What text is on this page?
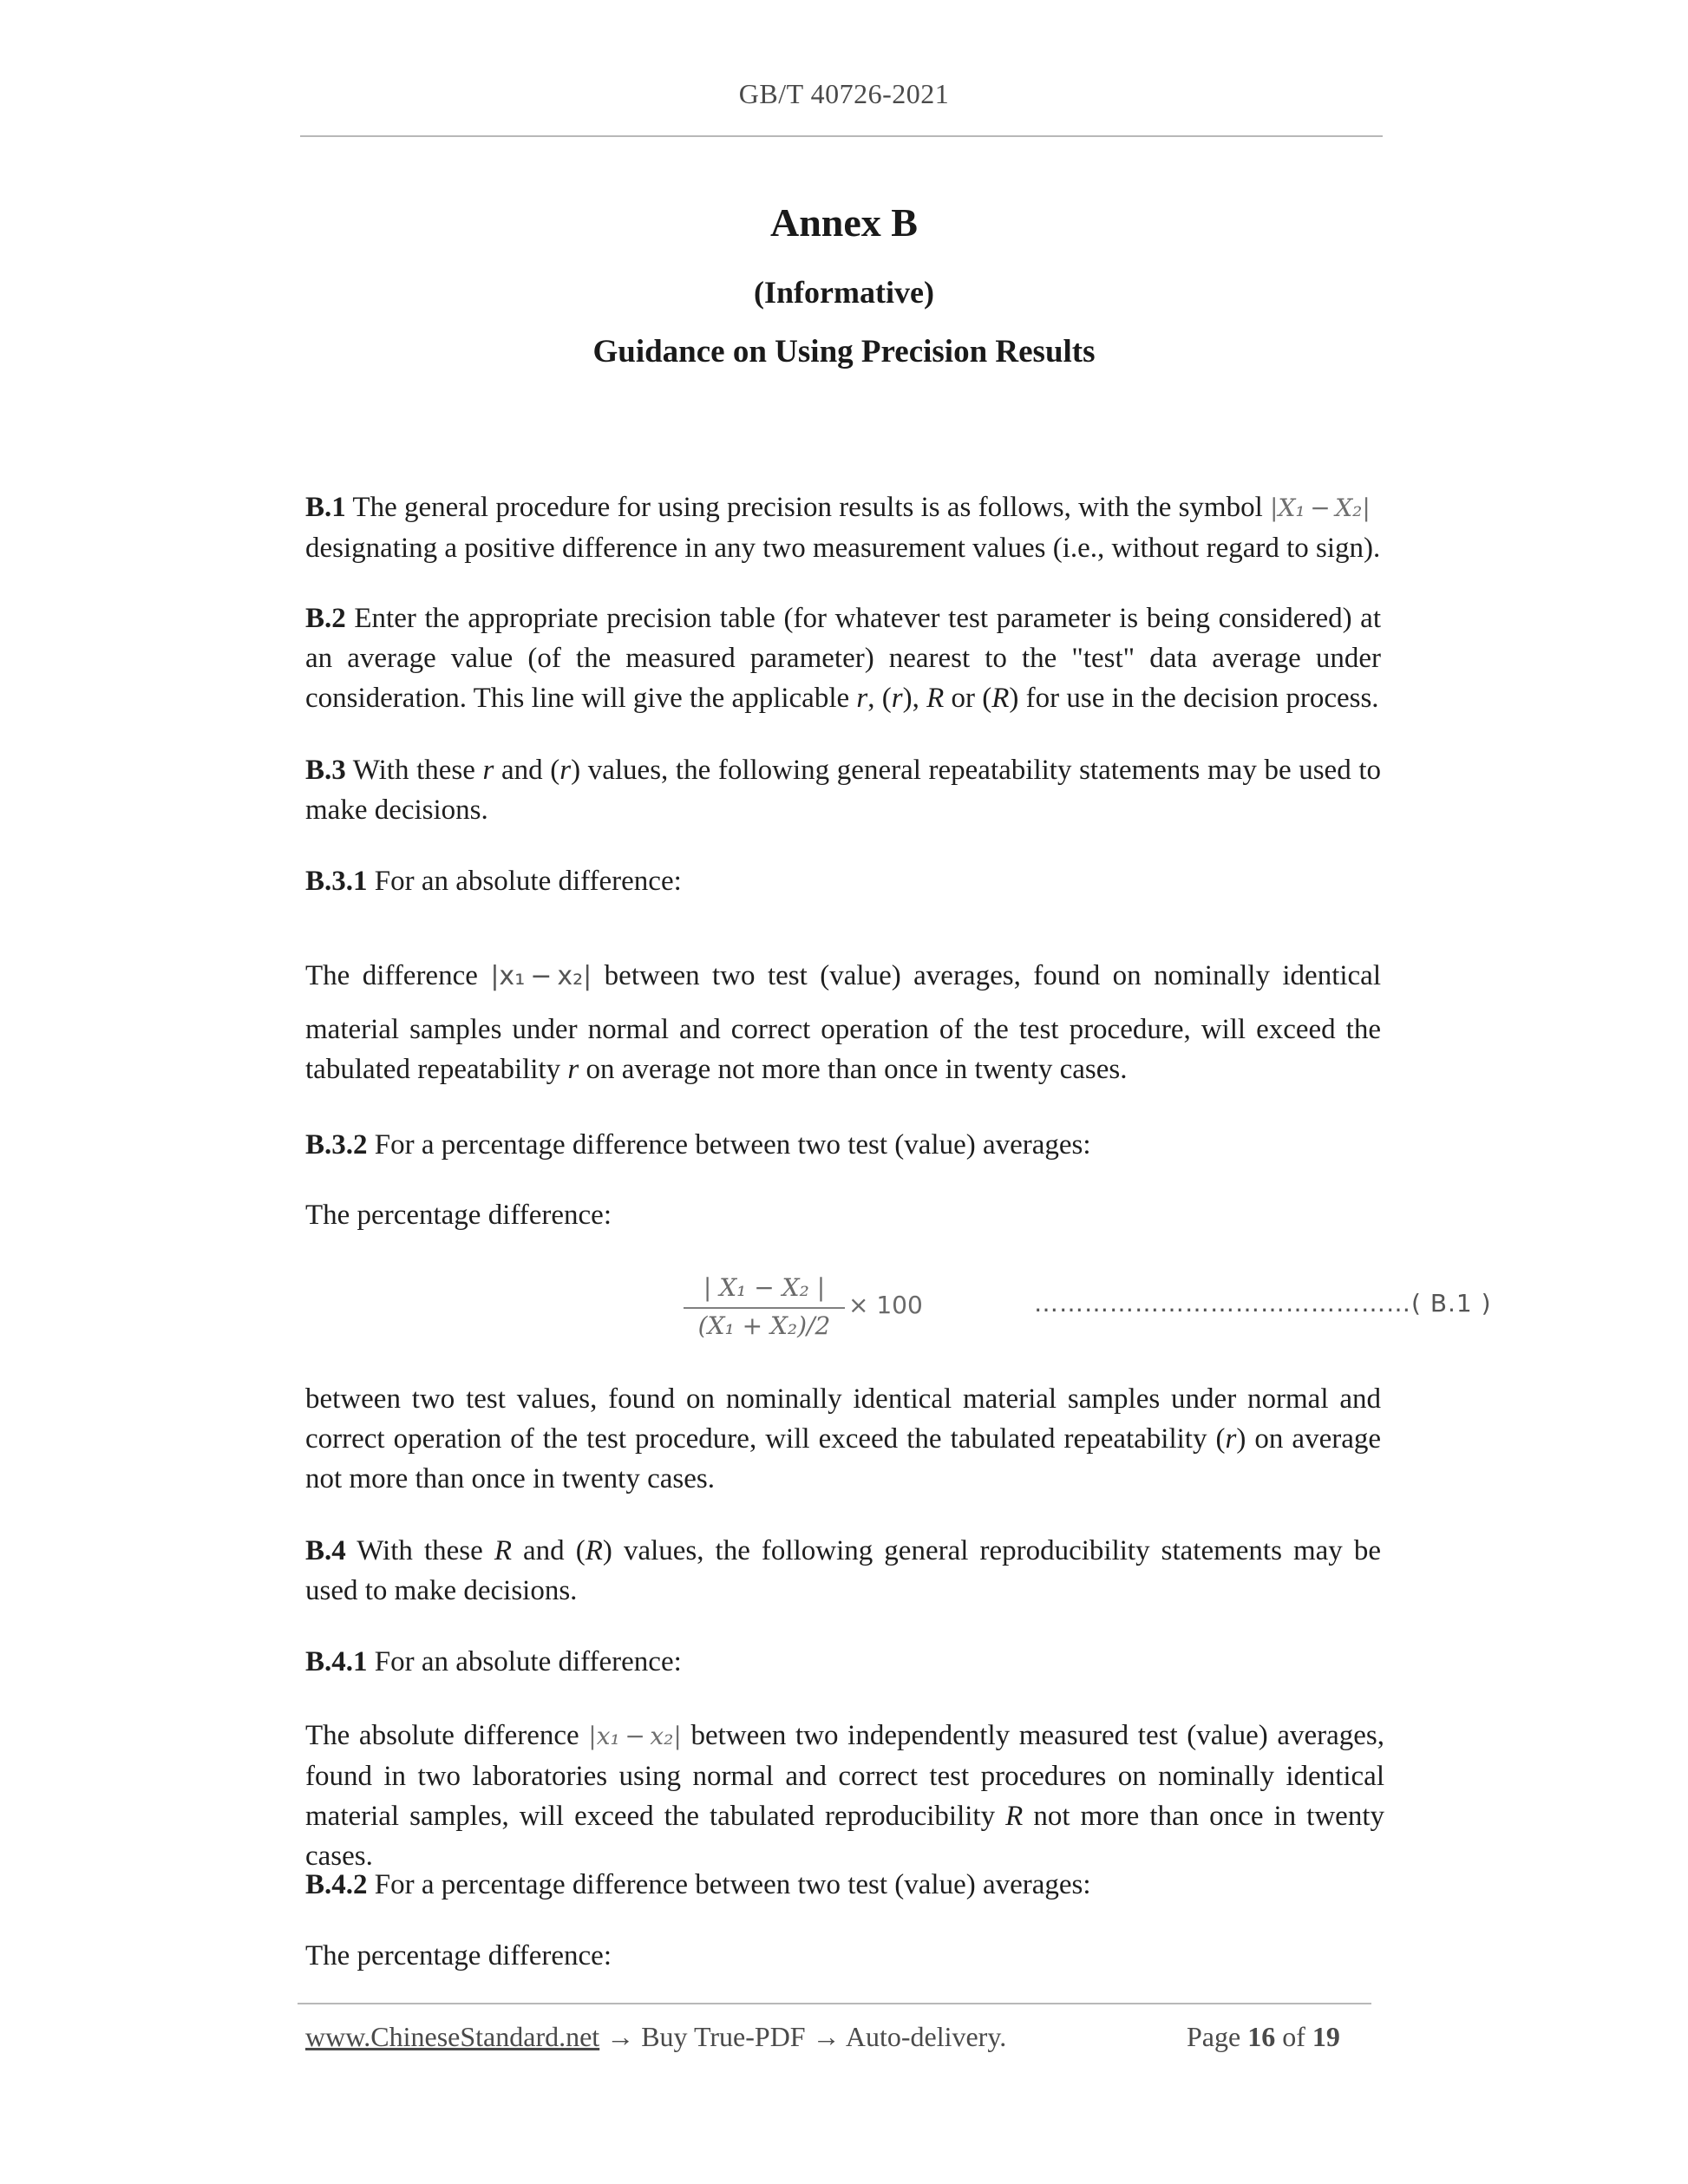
GB/T 40726-2021
Annex B
(Informative)
Guidance on Using Precision Results
B.1 The general procedure for using precision results is as follows, with the symbol |X₁ − X₂|
designating a positive difference in any two measurement values (i.e., without regard to sign).
B.2 Enter the appropriate precision table (for whatever test parameter is being considered) at an average value (of the measured parameter) nearest to the "test" data average under consideration. This line will give the applicable r, (r), R or (R) for use in the decision process.
B.3 With these r and (r) values, the following general repeatability statements may be used to make decisions.
B.3.1 For an absolute difference:
The difference |x₁ − x₂| between two test (value) averages, found on nominally identical
material samples under normal and correct operation of the test procedure, will exceed the tabulated repeatability r on average not more than once in twenty cases.
B.3.2 For a percentage difference between two test (value) averages:
The percentage difference:
| X₁ − X₂ |
(X₁ + X₂)/2
× 100	………………………………………( B.1 )
between two test values, found on nominally identical material samples under normal and correct operation of the test procedure, will exceed the tabulated repeatability (r) on average not more than once in twenty cases.
B.4 With these R and (R) values, the following general reproducibility statements may be used to make decisions.
B.4.1 For an absolute difference:
The absolute difference |x₁ − x₂| between two independently measured test (value) averages, found in two laboratories using normal and correct test procedures on nominally identical material samples, will exceed the tabulated reproducibility R not more than once in twenty cases.
B.4.2 For a percentage difference between two test (value) averages:
The percentage difference:
www.ChineseStandard.net → Buy True-PDF → Auto-delivery.	Page 16 of 19
